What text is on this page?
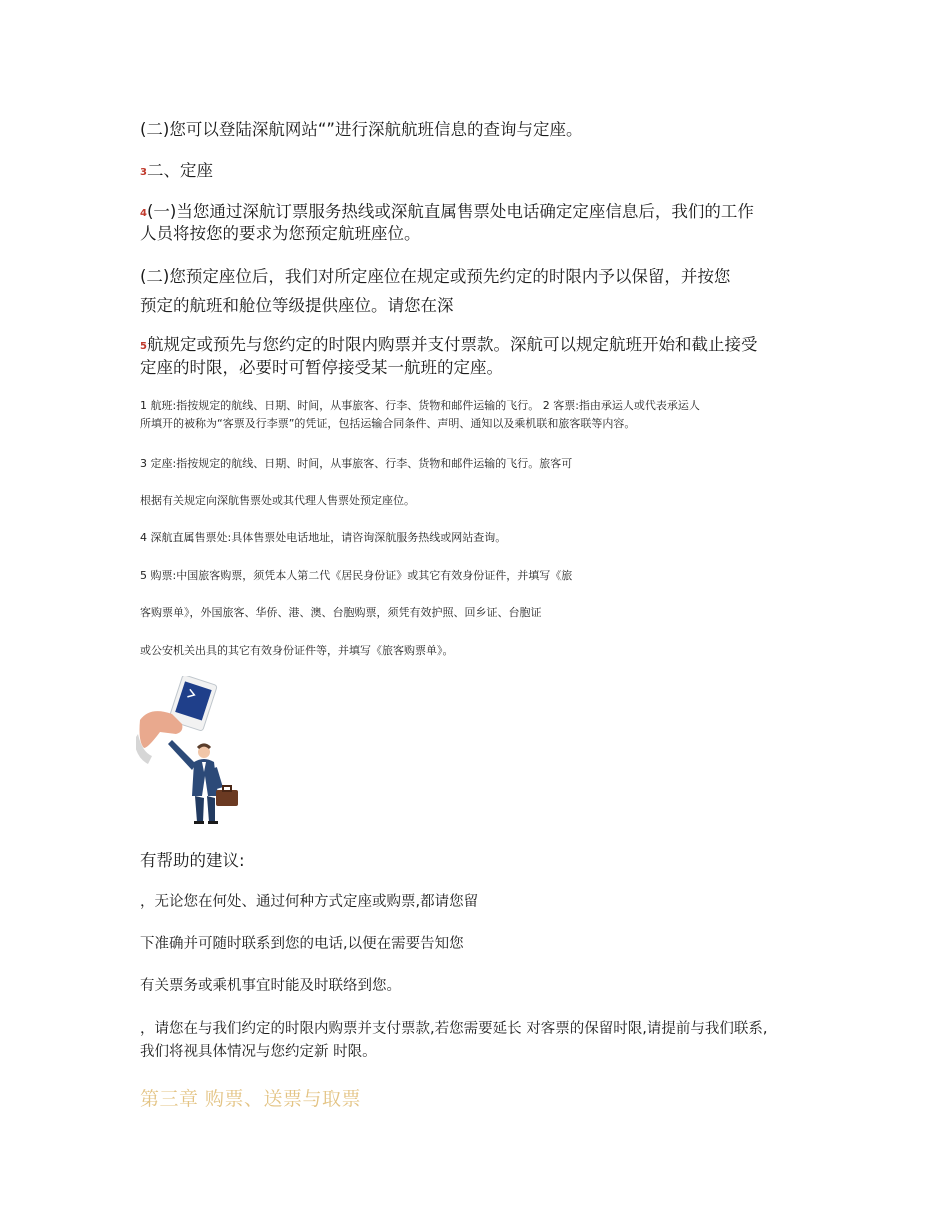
(二)您可以登陆深航网站“”进行深航航班信息的查询与定座。

3二、定座

4(一)当您通过深航订票服务热线或深航直属售票处电话确定定座信息后，我们的工作

人员将按您的要求为您预定航班座位。

(二)您预定座位后，我们对所定座位在规定或预先约定的时限内予以保留，并按您

预定的航班和舱位等级提供座位。请您在深

5航规定或预先与您约定的时限内购票并支付票款。深航可以规定航班开始和截止接受

定座的时限，必要时可暂停接受某一航班的定座。

1 航班:指按规定的航线、日期、时间，从事旅客、行李、货物和邮件运输的飞行。 2 客票:指由承运人或代表承运人

所填开的被称为“客票及行李票”的凭证，包括运输合同条件、声明、通知以及乘机联和旅客联等内容。

3 定座:指按规定的航线、日期、时间，从事旅客、行李、货物和邮件运输的飞行。旅客可

根据有关规定向深航售票处或其代理人售票处预定座位。

4 深航直属售票处:具体售票处电话地址，请咨询深航服务热线或网站查询。

5 购票:中国旅客购票，须凭本人第二代《居民身份证》或其它有效身份证件，并填写《旅

客购票单》，外国旅客、华侨、港、澳、台胞购票，须凭有效护照、回乡证、台胞证

或公安机关出具的其它有效身份证件等，并填写《旅客购票单》。

有帮助的建议:

，无论您在何处、通过何种方式定座或购票,都请您留

下准确并可随时联系到您的电话,以便在需要告知您

有关票务或乘机事宜时能及时联络到您。

，请您在与我们约定的时限内购票并支付票款,若您需要延长 对客票的保留时限,请提前与我们联系,

我们将视具体情况与您约定新 时限。

第三章 购票、送票与取票
